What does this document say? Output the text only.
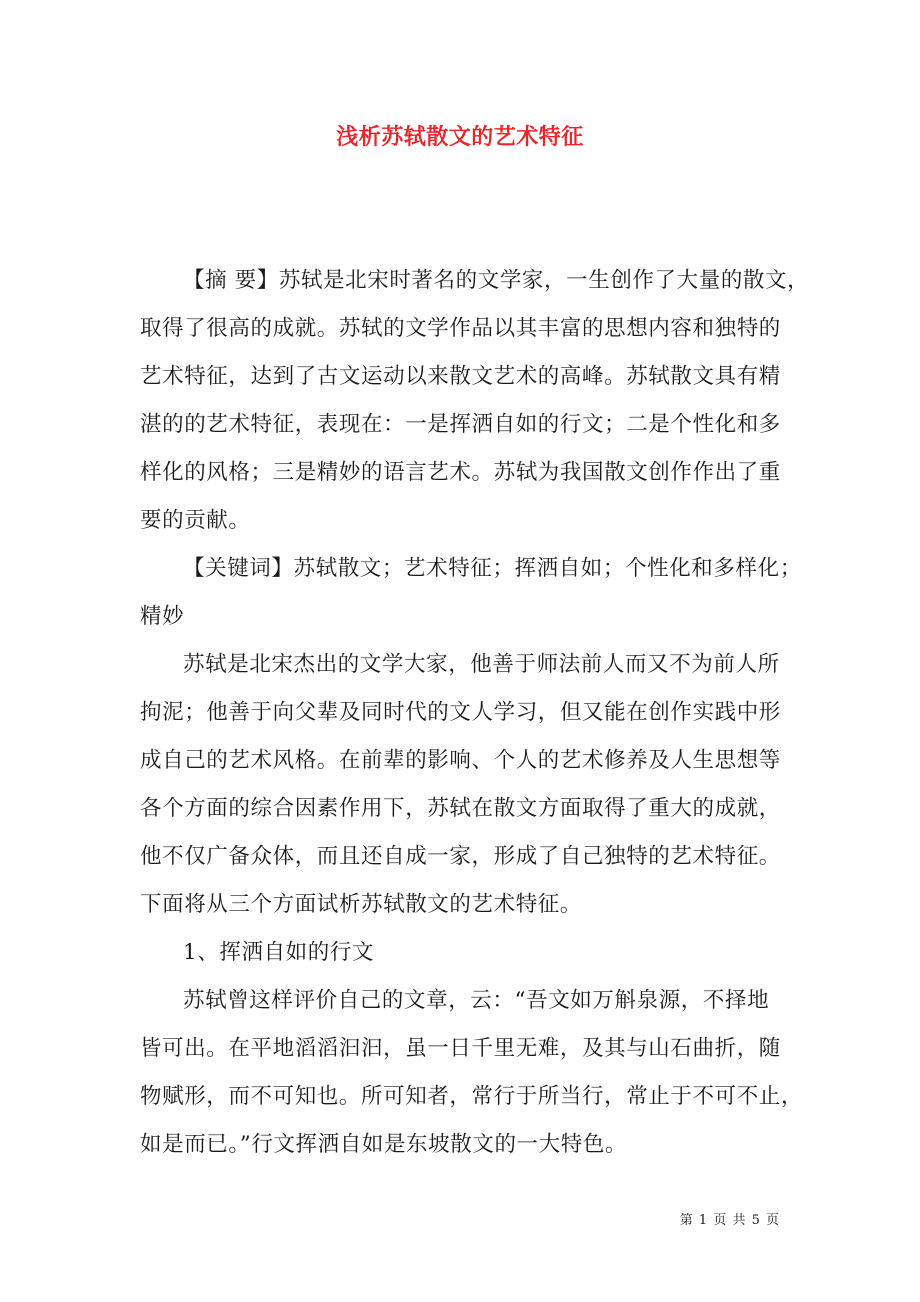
浅析苏轼散文的艺术特征
【摘 要】苏轼是北宋时著名的文学家，一生创作了大量的散文，
取得了很高的成就。苏轼的文学作品以其丰富的思想内容和独特的
艺术特征，达到了古文运动以来散文艺术的高峰。苏轼散文具有精
湛的的艺术特征，表现在：一是挥洒自如的行文；二是个性化和多
样化的风格；三是精妙的语言艺术。苏轼为我国散文创作作出了重
要的贡献。
【关键词】苏轼散文；艺术特征；挥洒自如；个性化和多样化；
精妙
苏轼是北宋杰出的文学大家，他善于师法前人而又不为前人所
拘泥；他善于向父辈及同时代的文人学习，但又能在创作实践中形
成自己的艺术风格。在前辈的影响、个人的艺术修养及人生思想等
各个方面的综合因素作用下，苏轼在散文方面取得了重大的成就，
他不仅广备众体，而且还自成一家，形成了自己独特的艺术特征。
下面将从三个方面试析苏轼散文的艺术特征。
1、挥洒自如的行文
苏轼曾这样评价自己的文章，云：“吾文如万斛泉源，不择地
皆可出。在平地滔滔汩汩，虽一日千里无难，及其与山石曲折，随
物赋形，而不可知也。所可知者，常行于所当行，常止于不可不止，
如是而已。”行文挥洒自如是东坡散文的一大特色。
第 1 页 共 5 页
